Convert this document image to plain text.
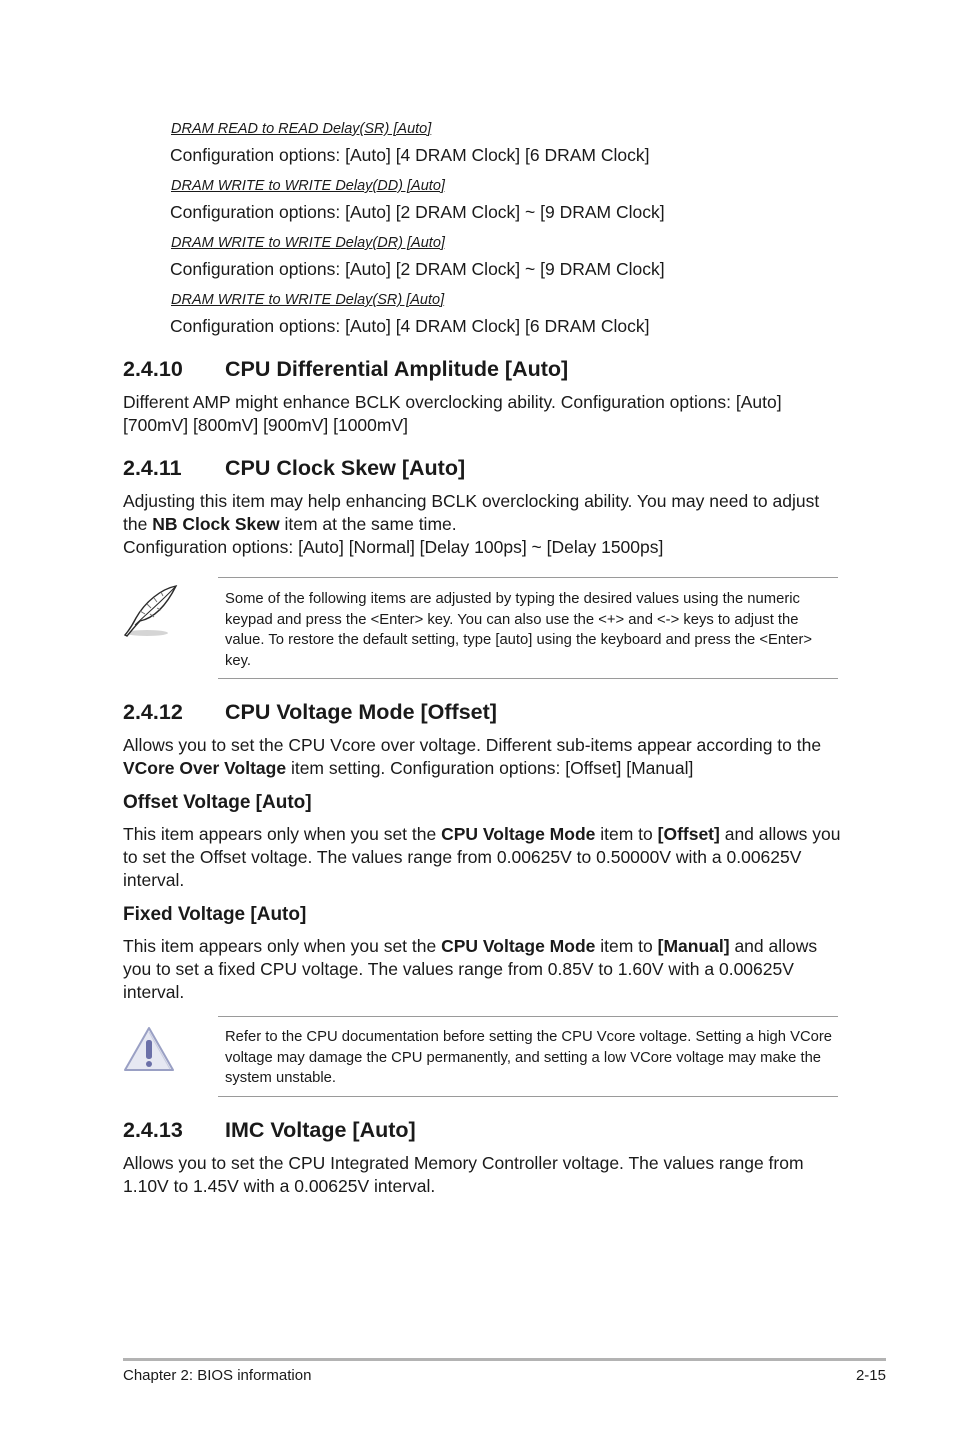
DRAM READ to READ Delay(SR) [Auto]
Configuration options: [Auto] [4 DRAM Clock] [6 DRAM Clock]
DRAM WRITE to WRITE Delay(DD) [Auto]
Configuration options: [Auto] [2 DRAM Clock] ~ [9 DRAM Clock]
DRAM WRITE to WRITE Delay(DR) [Auto]
Configuration options: [Auto] [2 DRAM Clock] ~ [9 DRAM Clock]
DRAM WRITE to WRITE Delay(SR) [Auto]
Configuration options: [Auto] [4 DRAM Clock] [6 DRAM Clock]
2.4.10 CPU Differential Amplitude [Auto]
Different AMP might enhance BCLK overclocking ability. Configuration options: [Auto] [700mV] [800mV] [900mV] [1000mV]
2.4.11 CPU Clock Skew [Auto]
Adjusting this item may help enhancing BCLK overclocking ability. You may need to adjust the NB Clock Skew item at the same time.
Configuration options: [Auto] [Normal] [Delay 100ps] ~ [Delay 1500ps]
Some of the following items are adjusted by typing the desired values using the numeric keypad and press the <Enter> key. You can also use the <+> and <-> keys to adjust the value. To restore the default setting, type [auto] using the keyboard and press the <Enter> key.
2.4.12 CPU Voltage Mode [Offset]
Allows you to set the CPU Vcore over voltage. Different sub-items appear according to the VCore Over Voltage item setting. Configuration options: [Offset] [Manual]
Offset Voltage [Auto]
This item appears only when you set the CPU Voltage Mode item to [Offset] and allows you to set the Offset voltage. The values range from 0.00625V to 0.50000V with a 0.00625V interval.
Fixed Voltage [Auto]
This item appears only when you set the CPU Voltage Mode item to [Manual] and allows you to set a fixed CPU voltage. The values range from 0.85V to 1.60V with a 0.00625V interval.
Refer to the CPU documentation before setting the CPU Vcore voltage. Setting a high VCore voltage may damage the CPU permanently, and setting a low VCore voltage may make the system unstable.
2.4.13 IMC Voltage [Auto]
Allows you to set the CPU Integrated Memory Controller voltage. The values range from 1.10V to 1.45V with a 0.00625V interval.
Chapter 2: BIOS information	2-15
